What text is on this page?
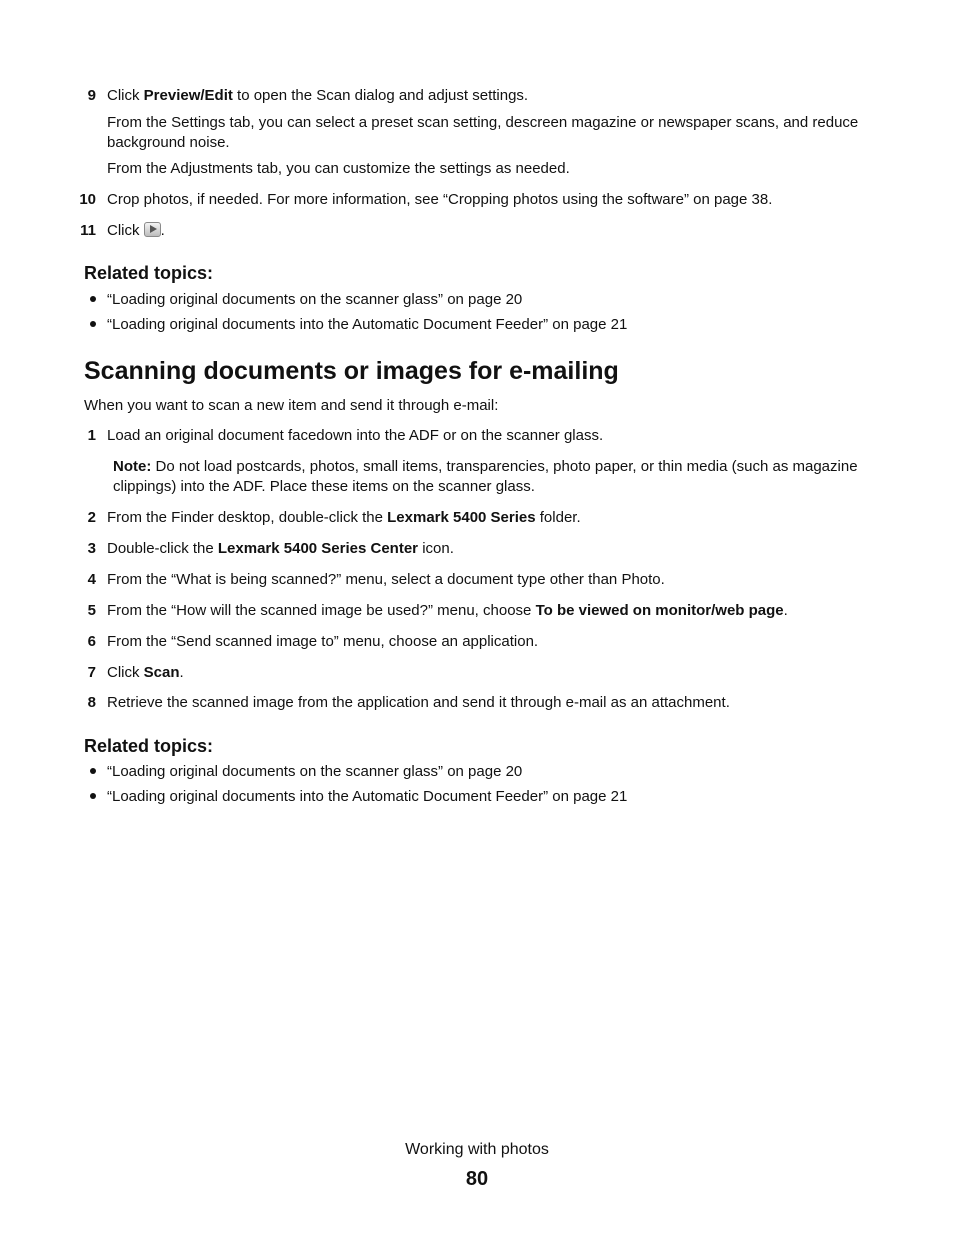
9 Click Preview/Edit to open the Scan dialog and adjust settings.
From the Settings tab, you can select a preset scan setting, descreen magazine or newspaper scans, and reduce background noise.
From the Adjustments tab, you can customize the settings as needed.
10 Crop photos, if needed. For more information, see “Cropping photos using the software” on page 38.
11 Click .
Related topics:
“Loading original documents on the scanner glass” on page 20
“Loading original documents into the Automatic Document Feeder” on page 21
Scanning documents or images for e-mailing
When you want to scan a new item and send it through e-mail:
1 Load an original document facedown into the ADF or on the scanner glass.
Note: Do not load postcards, photos, small items, transparencies, photo paper, or thin media (such as magazine clippings) into the ADF. Place these items on the scanner glass.
2 From the Finder desktop, double-click the Lexmark 5400 Series folder.
3 Double-click the Lexmark 5400 Series Center icon.
4 From the “What is being scanned?” menu, select a document type other than Photo.
5 From the “How will the scanned image be used?” menu, choose To be viewed on monitor/web page.
6 From the “Send scanned image to” menu, choose an application.
7 Click Scan.
8 Retrieve the scanned image from the application and send it through e-mail as an attachment.
Related topics:
“Loading original documents on the scanner glass” on page 20
“Loading original documents into the Automatic Document Feeder” on page 21
Working with photos
80
